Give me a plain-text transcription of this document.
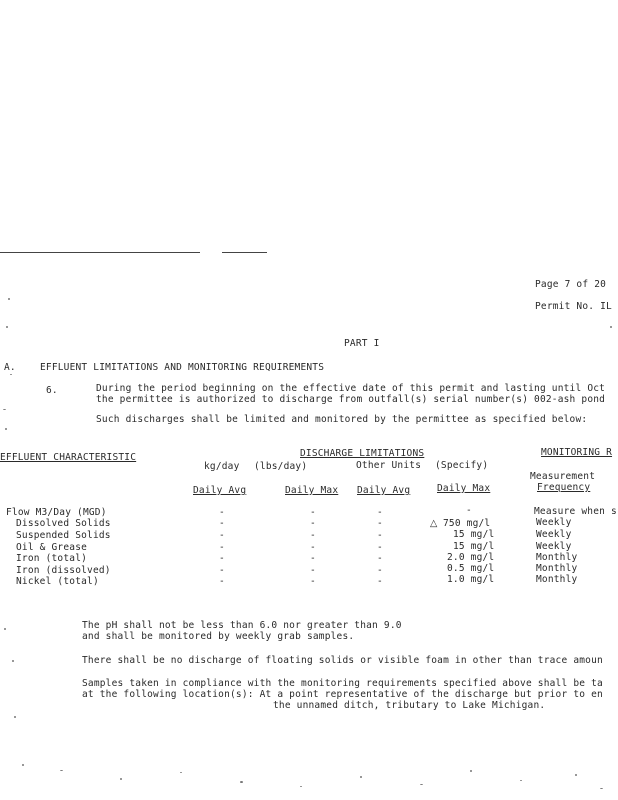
Page 7 of 20
Permit No. IL
PART I
A.	EFFLUENT LIMITATIONS AND MONITORING REQUIREMENTS
6.	During the period beginning on the effective date of this permit and lasting until Oct
the permittee is authorized to discharge from outfall(s) serial number(s) 002-ash pond
Such discharges shall be limited and monitored by the permittee as specified below:
EFFLUENT CHARACTERISTIC	DISCHARGE LIMITATIONS	MONITORING R
kg/day (lbs/day)	Other Units (Specify)
Measurement
Frequency
Daily Avg	Daily Max Daily Avg	Daily Max
Flow M3/Day (MGD)	-	-	-	-	Measure when s
Dissolved Solids	-	-	-	△ 750 mg/l	Weekly
Suspended Solids	-	-	-	15 mg/l	Weekly
Oil & Grease	-	-	-	15 mg/l	Weekly
Iron (total)	-	-	-	2.0 mg/l	Monthly
Iron (dissolved)	-	-	-	0.5 mg/l	Monthly
Nickel (total)	-	-	-	1.0 mg/l	Monthly
The pH shall not be less than 6.0 nor greater than 9.0
and shall be monitored by weekly grab samples.
There shall be no discharge of floating solids or visible foam in other than trace amoun
Samples taken in compliance with the monitoring requirements specified above shall be ta
at the following location(s): At a point representative of the discharge but prior to en
the unnamed ditch, tributary to Lake Michigan.
